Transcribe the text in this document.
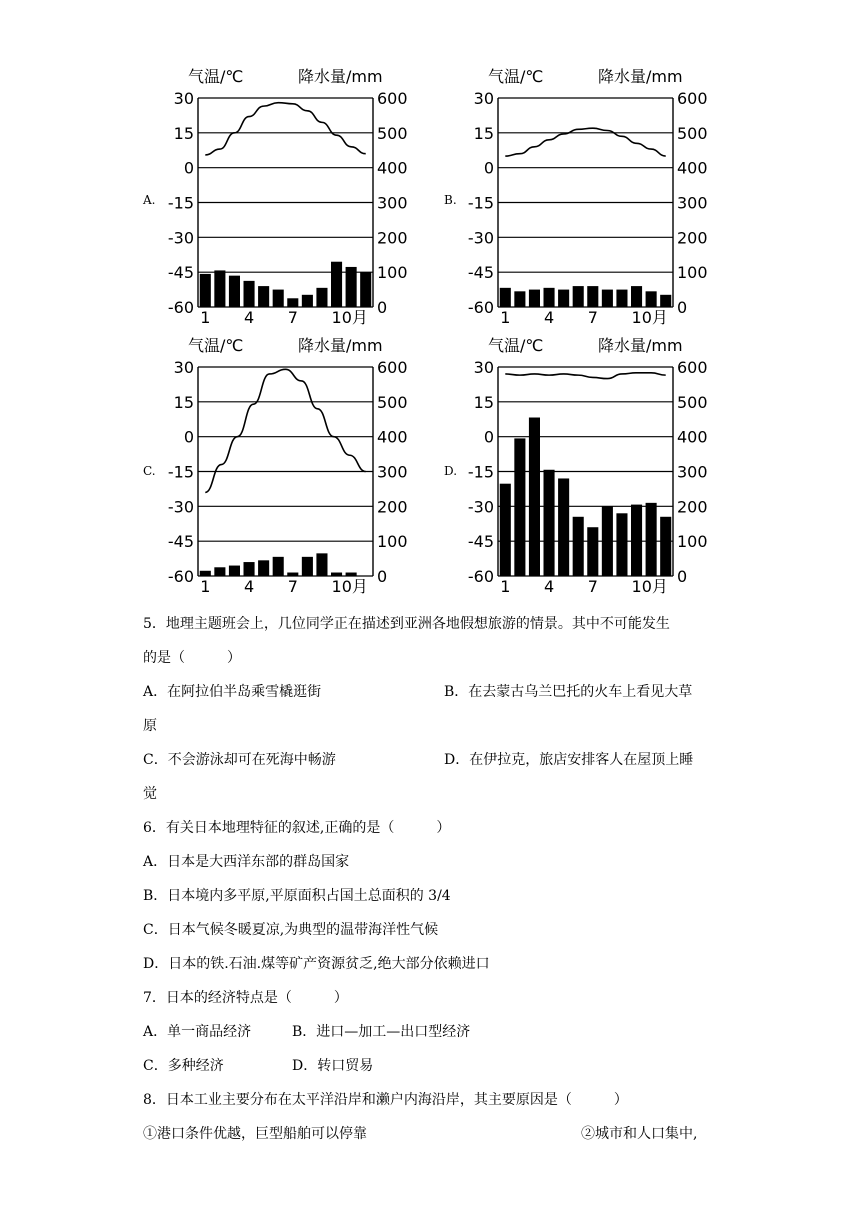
A.	B.
C.	D.
气温/℃	降水量/mm
30	600
15	500
0	400
-15	300
-30	200
-45	100
-60	0
1 4 7 10月
气温/℃	降水量/mm
30	600
15	500
0	400
-15	300
-30	200
-45	100
-60	0
1 4 7 10月
气温/℃	降水量/mm
30	600
15	500
0	400
-15	300
-30	200
-45	100
-60	0
1 4 7 10月
气温/℃	降水量/mm
30	600
15	500
0	400
-15	300
-30	200
-45	100
-60	0
1 4 7 10月
5．地理主题班会上，几位同学正在描述到亚洲各地假想旅游的情景。其中不可能发生
的是（　　　）
A．在阿拉伯半岛乘雪橇逛街	B．在去蒙古乌兰巴托的火车上看见大草
原
C．不会游泳却可在死海中畅游	D．在伊拉克，旅店安排客人在屋顶上睡
觉
6．有关日本地理特征的叙述,正确的是（　　　）
A．日本是大西洋东部的群岛国家
B．日本境内多平原,平原面积占国土总面积的 3/4
C．日本气候冬暖夏凉,为典型的温带海洋性气候
D．日本的铁.石油.煤等矿产资源贫乏,绝大部分依赖进口
7．日本的经济特点是（　　　）
A．单一商品经济	B．进口—加工—出口型经济
C．多种经济	D．转口贸易
8．日本工业主要分布在太平洋沿岸和濑户内海沿岸，其主要原因是（　　　）
①港口条件优越，巨型船舶可以停靠	②城市和人口集中,
